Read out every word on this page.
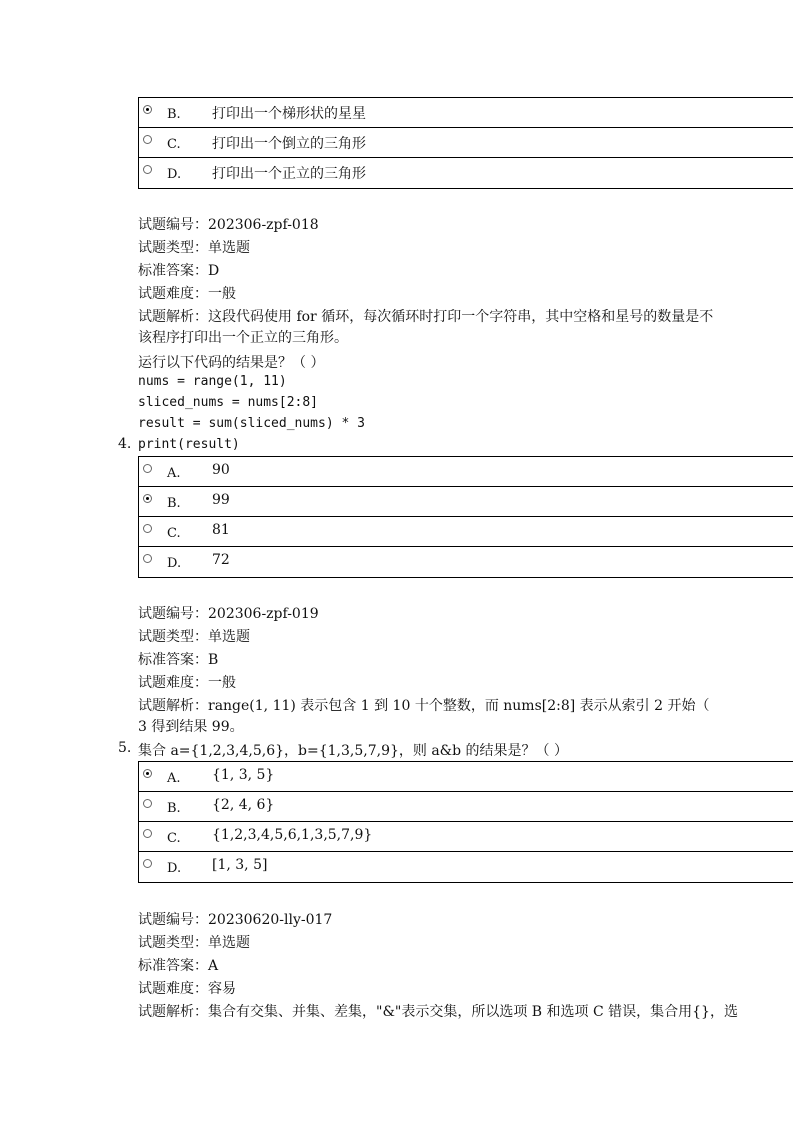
B. 打印出一个梯形状的星星
C. 打印出一个倒立的三角形
D. 打印出一个正立的三角形
试题编号：202306-zpf-018
试题类型：单选题
标准答案：D
试题难度：一般
试题解析：这段代码使用 for 循环，每次循环时打印一个字符串，其中空格和星号的数量是不
该程序打印出一个正立的三角形。
运行以下代码的结果是？（ ）
nums = range(1, 11)
sliced_nums = nums[2:8]
result = sum(sliced_nums) * 3
4. print(result)
A. 90
B. 99
C. 81
D. 72
试题编号：202306-zpf-019
试题类型：单选题
标准答案：B
试题难度：一般
试题解析：range(1, 11) 表示包含 1 到 10 十个整数，而 nums[2:8] 表示从索引 2 开始（
3 得到结果 99。
5. 集合 a={1,2,3,4,5,6}，b={1,3,5,7,9}，则 a&b 的结果是？（ ）
A. {1, 3, 5}
B. {2, 4, 6}
C. {1,2,3,4,5,6,1,3,5,7,9}
D. [1, 3, 5]
试题编号：20230620-lly-017
试题类型：单选题
标准答案：A
试题难度：容易
试题解析：集合有交集、并集、差集，"&"表示交集，所以选项 B 和选项 C 错误，集合用{}，选
